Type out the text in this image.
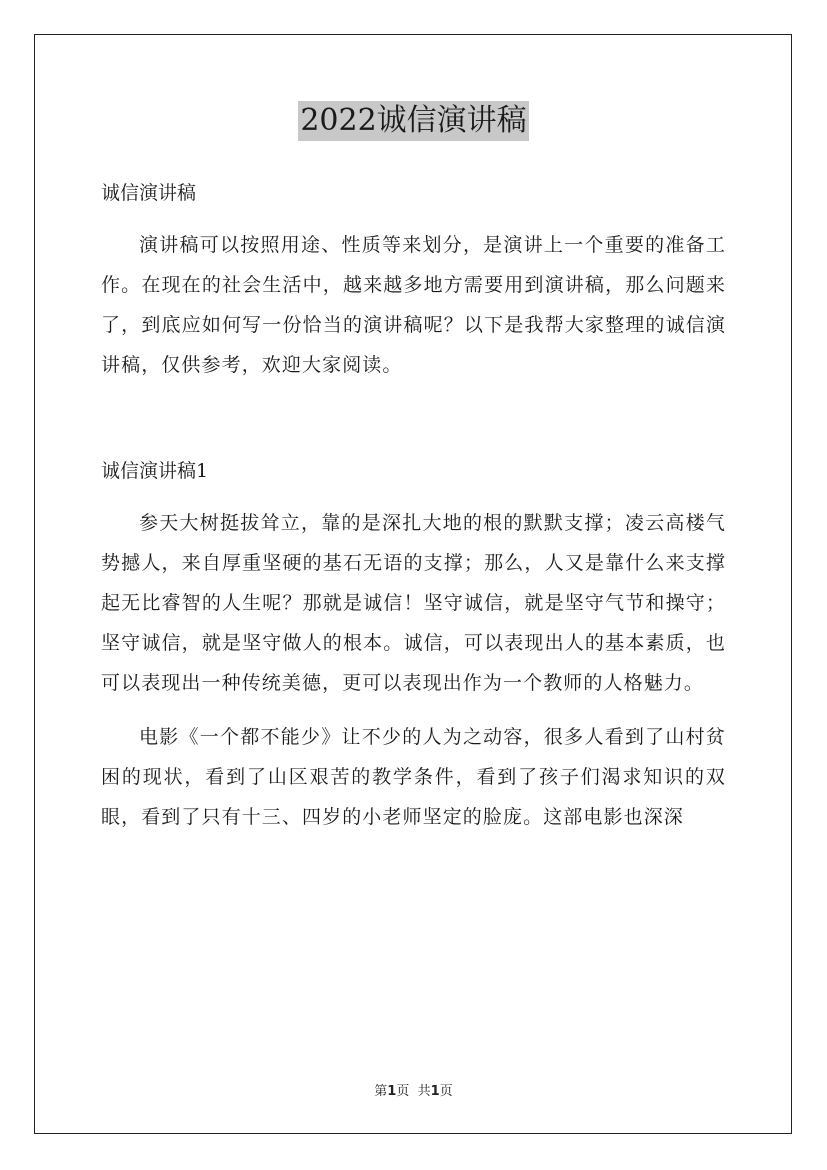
2022诚信演讲稿

诚信演讲稿

演讲稿可以按照用途、性质等来划分，是演讲上一个重要的准备工作。在现在的社会生活中，越来越多地方需要用到演讲稿，那么问题来了，到底应如何写一份恰当的演讲稿呢？以下是我帮大家整理的诚信演讲稿，仅供参考，欢迎大家阅读。

诚信演讲稿1

参天大树挺拔耸立，靠的是深扎大地的根的默默支撑；凌云高楼气势撼人，来自厚重坚硬的基石无语的支撑；那么，人又是靠什么来支撑起无比睿智的人生呢？那就是诚信！坚守诚信，就是坚守气节和操守；坚守诚信，就是坚守做人的根本。诚信，可以表现出人的基本素质，也可以表现出一种传统美德，更可以表现出作为一个教师的人格魅力。

电影《一个都不能少》让不少的人为之动容，很多人看到了山村贫困的现状，看到了山区艰苦的教学条件，看到了孩子们渴求知识的双眼，看到了只有十三、四岁的小老师坚定的脸庞。这部电影也深深

第1页 共1页
